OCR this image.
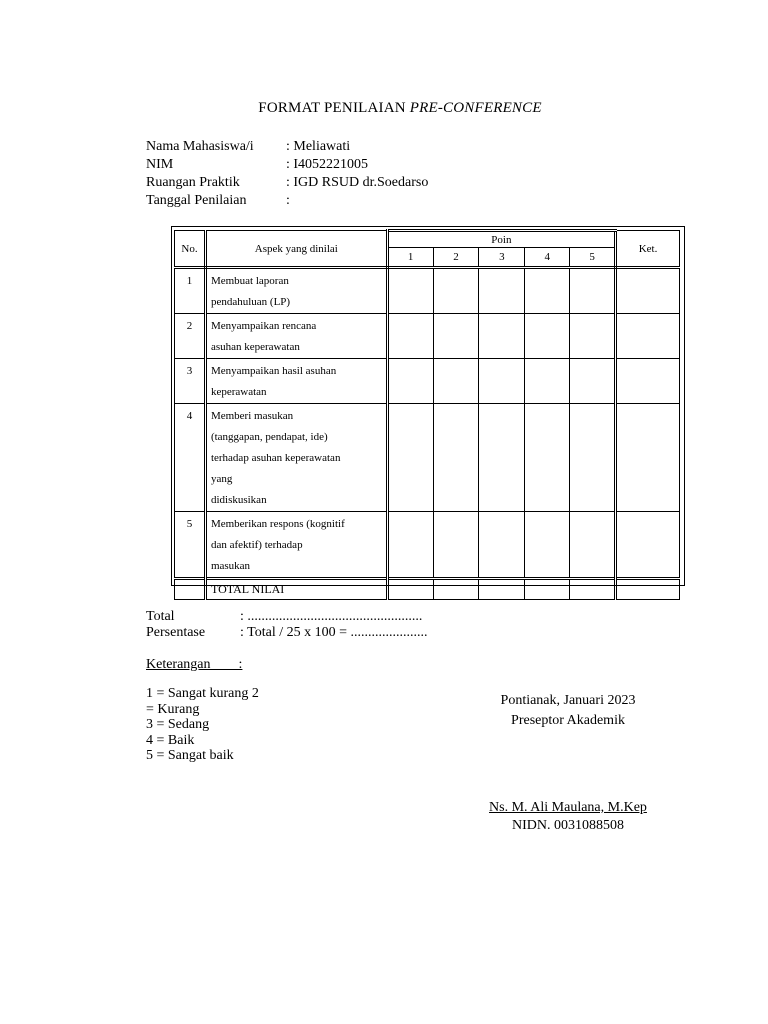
FORMAT PENILAIAN PRE-CONFERENCE
Nama Mahasiswa/i	: Meliawati
NIM	: I4052221005
Ruangan Praktik	: IGD RSUD dr.Soedarso
Tanggal Penilaian	:
No.	Aspek yang dinilai	Poin					Ket.
		1	2	3	4	5	

1	Membuat laporan
pendahuluan (LP)						

2	Menyampaikan rencana
asuhan keperawatan						

3	Menyampaikan hasil asuhan
keperawatan						

4	Memberi masukan
(tanggapan, pendapat, ide)
terhadap asuhan keperawatan
yang
didiskusikan						

5	Memberikan respons (kognitif
dan afektif) terhadap
masukan						

	TOTAL NILAI						

Total	: ..................................................
Persentase	: Total / 25 x 100 = ......................
Keterangan        :
1 = Sangat kurang 2
= Kurang
3 = Sedang
4 = Baik
5 = Sangat baik
Pontianak, Januari 2023
Preseptor Akademik
Ns. M. Ali Maulana, M.Kep
NIDN. 0031088508
